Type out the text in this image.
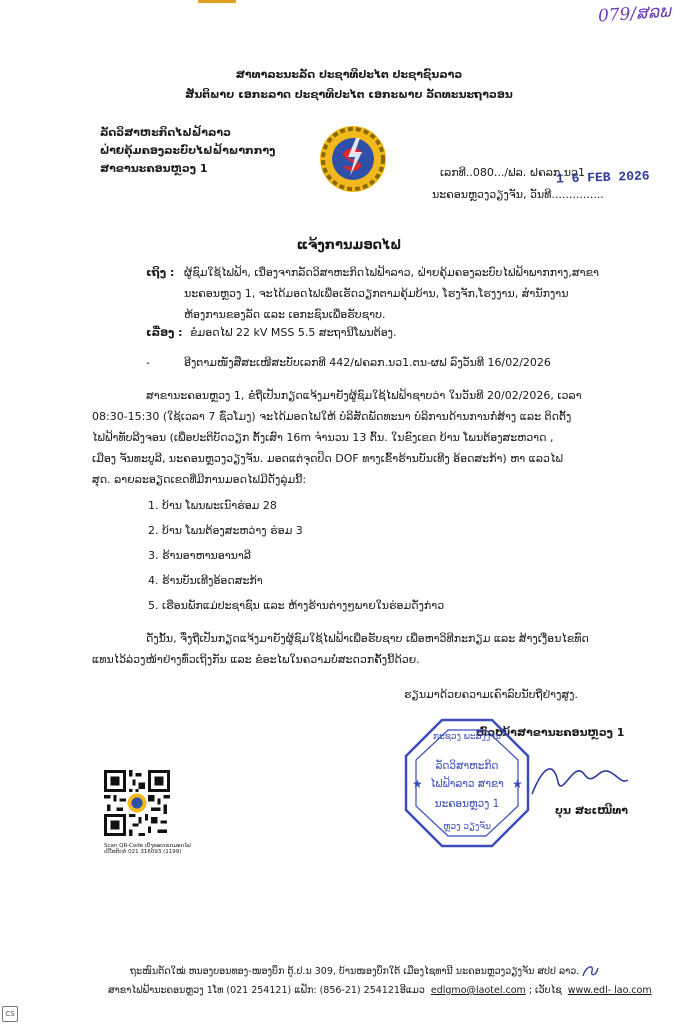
079/ສລພ
ສາທາລະນະລັດ ປະຊາທິປະໄຕ ປະຊາຊົນລາວ
ສັນຕິພາບ ເອກະລາດ ປະຊາທິປະໄຕ ເອກະພາບ ວັດທະນະຖາວອນ
ລັດວິສາຫະກິດໄຟຟ້າລາວ
ຝ່າຍຄຸ້ມຄອງລະບົບໄຟຟ້າພາກກາງ
ສາຂານະຄອນຫຼວງ 1	ເລກທີ..080.../ຟລ. ຝຄລກ.ນວ1
1 6 FEB 2026
ນະຄອນຫຼວງວຽງຈັນ, ວັນທີ...............
ແຈ້ງການມອດໄຟ
ເຖິງ : ຜູ້ຊົມໃຊ້ໄຟຟ້າ, ເນື່ອງຈາກລັດວິສາຫະກິດໄຟຟ້າລາວ, ຝ່າຍຄຸ້ມຄອງລະບົບໄຟຟ້າພາກກາງ,ສາຂາ
ນະຄອນຫຼວງ 1, ຈະໄດ້ມອດໄຟເພື່ອເຮັດວຽກຕາມຄຸ້ມບ້ານ, ໂຮງຈັກ,ໂຮງງານ, ສຳນັກງານ
ຫ້ອງການຂອງລັດ ແລະ ເອກະຊົນເພື່ອຮັບຊາບ.
ເລື່ອງ : ຂໍມອດໄຟ 22 kV MSS 5.5 ສະຖານີໂພນຕ້ອງ.
-	ອີງຕາມໜັງສືສະເໜີສະບັບເລກທີ 442/ຝຄລກ.ນວ1.ຕນ-ຜຟ ລົງວັນທີ 16/02/2026
ສາຂານະຄອນຫຼວງ 1, ຂໍຖືເປັນກຽດແຈ້ງມາຍັງຜູ້ຊົມໃຊ້ໄຟຟ້າຊາບວ່າ ໃນວັນທີ 20/02/2026, ເວລາ
08:30-15:30 (ໃຊ້ເວລາ 7 ຊົ່ວໂມງ) ຈະໄດ້ມອດໄຟໃຫ້ ບໍລິສັດພັດທະນາ ບໍລິການດ້ານການກໍ່ສ້າງ ແລະ ຕິດຕັ້ງ
ໄຟຟ້າທັບລີງຈອນ (ເພື່ອປະຕິບັດວຽກ ຕັ້ງເສົາ 16m ຈຳນວນ 13 ຕົ້ນ. ໃນຂົງເຂດ ບ້ານ ໂພນຕ້ອງສະຫວາດ ,
ເມືອງ ຈັນທະບູລີ, ນະຄອນຫຼວງວຽງຈັນ. ມອດແຕ່ຈຸດປິດ DOF ທາງເຂົ້າຮ້ານບັນເທີງ ອ້ອດສະກ້າ) ຫາ ແລວໄຟ
ສຸດ. ລາຍລະອຽດເຂດທີ່ມີການມອດໄຟມີດັ່ງລຸ່ມນີ້:
1. ບ້ານ ໂພນພະເນົາຮ່ອມ 28
2. ບ້ານ ໂພນຕ້ອງສະຫວ່າງ ຮ່ອມ 3
3. ຮ້ານອາຫານອານາລີ
4. ຮ້ານບັນເທີງອ້ອດສະກ້າ
5. ເຮືອນພັກແມ່ປະຊາຊົນ ແລະ ຫ້າງຮ້ານຕ່າງໆພາຍໃນຮ່ອມດັ່ງກ່າວ
ດັ່ງນັ້ນ, ຈຶ່ງຖືເປັນກຽດແຈ້ງມາຍັງຜູ້ຊົມໃຊ້ໄຟຟ້າເພື່ອຮັບຊາບ ເພື່ອຫາວິທີກະກຽມ ແລະ ສ້າງເງື່ອນໄຂທົດ
ແທນໄວ້ລ່ວງໜ້າຢ່າງທົ່ວເຖິງກັນ ແລະ ຂໍອະໄພໃນຄວາມບໍ່ສະດວກຄັ້ງນີ້ດ້ວຍ.
ຮຽນມາດ້ວຍຄວາມເຄົາລົບນັບຖືຢ່າງສູງ.
ຫົວໜ້າສາຂານະຄອນຫຼວງ 1
★	★
ກະຊວງ ພະລັງງານ
ລັດວິສາຫະກິດ
ໄຟຟ້າລາວ ສາຂາ
ນະຄອນຫຼວງ 1
ຫຼວງ ວຽງຈັນ
ບຸນ ສະເໜີທາ
Scan QR-Code ເບິ່ງຂອບເຂດມອດໄຟ
ເບີໂທຕິດຕໍ່ 021 316093 (1199)
ຖະໜົນຕັດໃໝ່ ຫນອງບອນທອງ-ໜອງບຶກ ຕູ້.ປ.ນ 309, ບ້ານໜອງບຶກໃຕ້ ເມືອງໄຊທານີ ນະຄອນຫຼວງວຽງຈັນ ສປປ ລາວ.
ສາຂາໄຟຟ້ານະຄອນຫຼວງ 1ໂທ (021 254121) ແຟັກ: (856-21) 254121ອີແມວ edlgmo@laotel.com ; ເວັບໄຊ www.edl- lao.com
CS
